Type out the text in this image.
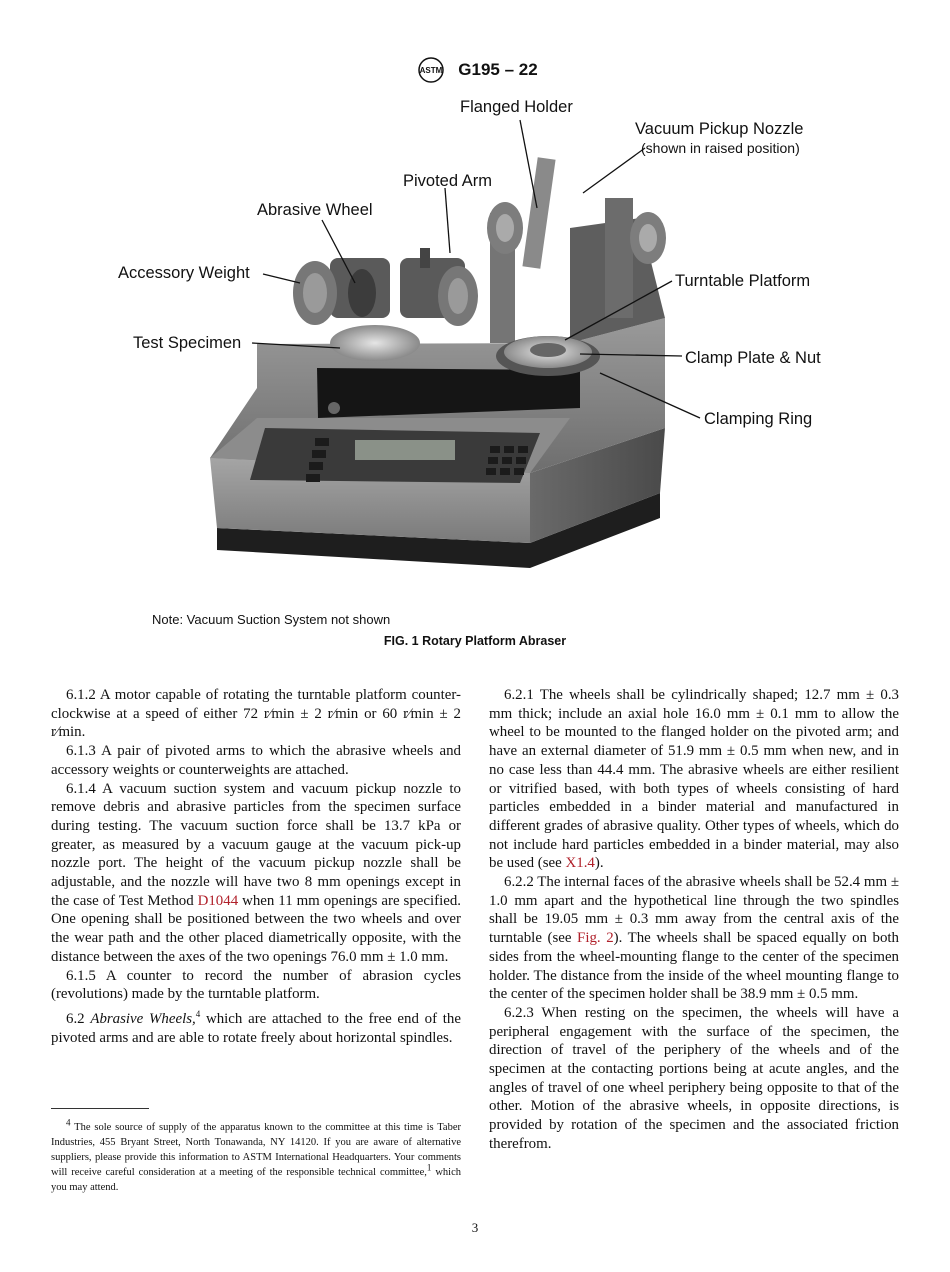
ASTM G195 – 22
Flanged Holder
Vacuum Pickup Nozzle
(shown in raised position)
Pivoted Arm
Abrasive Wheel
Accessory Weight	Turntable Platform
Test Specimen
Clamp Plate & Nut
Clamping Ring
Note: Vacuum Suction System not shown
FIG. 1 Rotary Platform Abraser

6.1.2 A motor capable of rotating the turntable platform counter-clockwise at a speed of either 72 r⁄min ± 2 r⁄min or 60 r⁄min ± 2 r⁄min.

6.1.3 A pair of pivoted arms to which the abrasive wheels and accessory weights or counterweights are attached.

6.1.4 A vacuum suction system and vacuum pickup nozzle to remove debris and abrasive particles from the specimen surface during testing. The vacuum suction force shall be 13.7 kPa or greater, as measured by a vacuum gauge at the vacuum pick-up nozzle port. The height of the vacuum pickup nozzle shall be adjustable, and the nozzle will have two 8 mm openings except in the case of Test Method D1044 when 11 mm openings are specified. One opening shall be positioned between the two wheels and over the wear path and the other placed diametrically opposite, with the distance between the axes of the two openings 76.0 mm ± 1.0 mm.

6.1.5 A counter to record the number of abrasion cycles (revolutions) made by the turntable platform.

6.2 Abrasive Wheels,$^4$ which are attached to the free end of the pivoted arms and are able to rotate freely about horizontal spindles.

6.2.1 The wheels shall be cylindrically shaped; 12.7 mm ± 0.3 mm thick; include an axial hole 16.0 mm ± 0.1 mm to allow the wheel to be mounted to the flanged holder on the pivoted arm; and have an external diameter of 51.9 mm ± 0.5 mm when new, and in no case less than 44.4 mm. The abrasive wheels are either resilient or vitrified based, with both types of wheels consisting of hard particles embedded in a binder material and manufactured in different grades of abrasive quality. Other types of wheels, which do not include hard particles embedded in a binder material, may also be used (see X1.4).

6.2.2 The internal faces of the abrasive wheels shall be 52.4 mm ± 1.0 mm apart and the hypothetical line through the two spindles shall be 19.05 mm ± 0.3 mm away from the central axis of the turntable (see Fig. 2). The wheels shall be spaced equally on both sides from the wheel-mounting flange to the center of the specimen holder. The distance from the inside of the wheel mounting flange to the center of the specimen holder shall be 38.9 mm ± 0.5 mm.

6.2.3 When resting on the specimen, the wheels will have a peripheral engagement with the surface of the specimen, the direction of travel of the periphery of the wheels and of the specimen at the contacting portions being at acute angles, and the angles of travel of one wheel periphery being opposite to that of the other. Motion of the abrasive wheels, in opposite directions, is provided by rotation of the specimen and the associated friction therefrom.

$^4$ The sole source of supply of the apparatus known to the committee at this time is Taber Industries, 455 Bryant Street, North Tonawanda, NY 14120. If you are aware of alternative suppliers, please provide this information to ASTM International Headquarters. Your comments will receive careful consideration at a meeting of the responsible technical committee,$^1$ which you may attend.

3
